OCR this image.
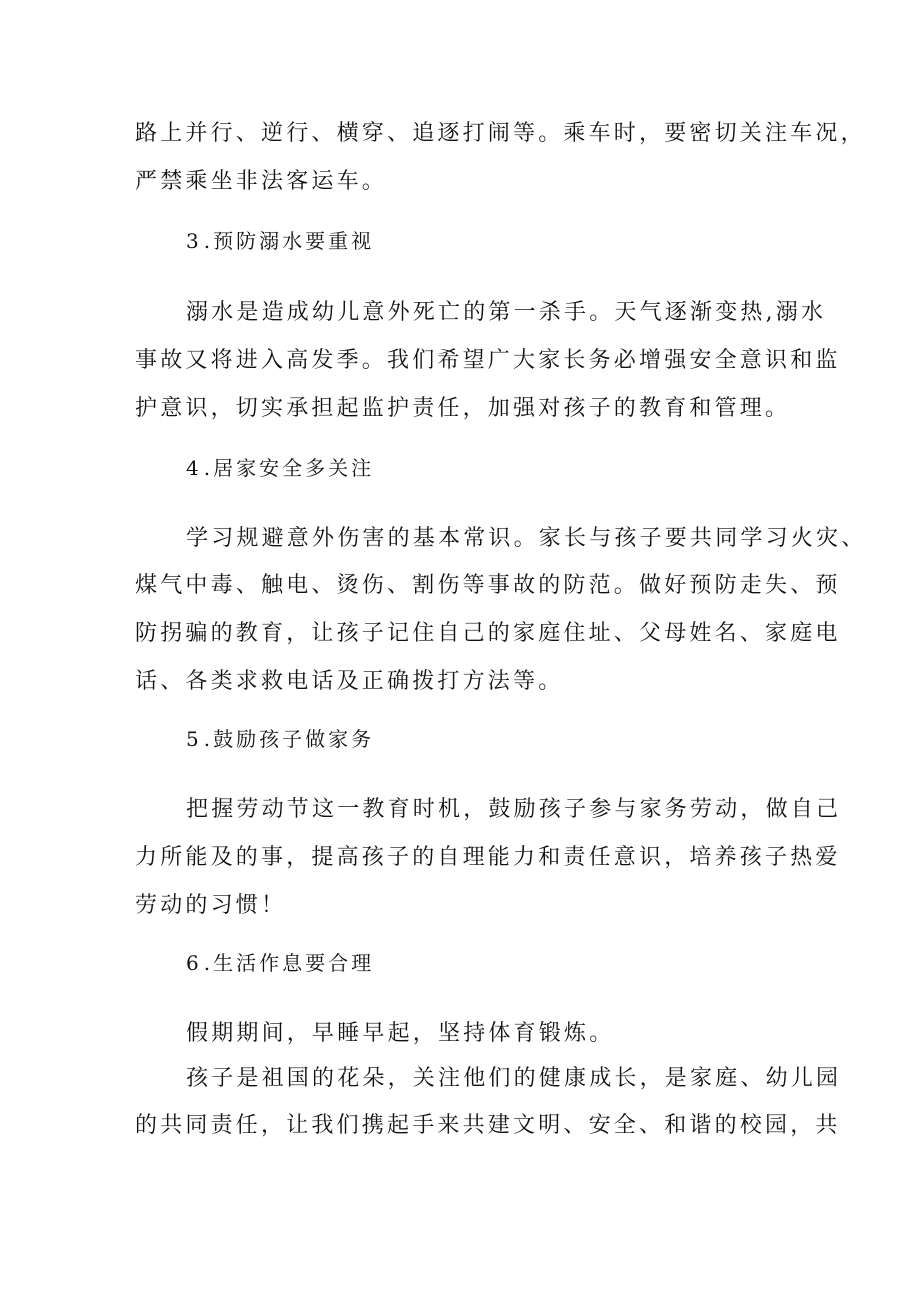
路上并行、逆行、横穿、追逐打闹等。乘车时，要密切关注车况，
严禁乘坐非法客运车。
3 .预防溺水要重视
溺水是造成幼儿意外死亡的第一杀手。天气逐渐变热,溺水
事故又将进入高发季。我们希望广大家长务必增强安全意识和监
护意识，切实承担起监护责任，加强对孩子的教育和管理。
4 .居家安全多关注
学习规避意外伤害的基本常识。家长与孩子要共同学习火灾、
煤气中毒、触电、烫伤、割伤等事故的防范。做好预防走失、预
防拐骗的教育，让孩子记住自己的家庭住址、父母姓名、家庭电
话、各类求救电话及正确拨打方法等。
5 .鼓励孩子做家务
把握劳动节这一教育时机，鼓励孩子参与家务劳动，做自己
力所能及的事，提高孩子的自理能力和责任意识，培养孩子热爱
劳动的习惯！
6 .生活作息要合理
假期期间，早睡早起，坚持体育锻炼。
孩子是祖国的花朵，关注他们的健康成长，是家庭、幼儿园
的共同责任，让我们携起手来共建文明、安全、和谐的校园，共
